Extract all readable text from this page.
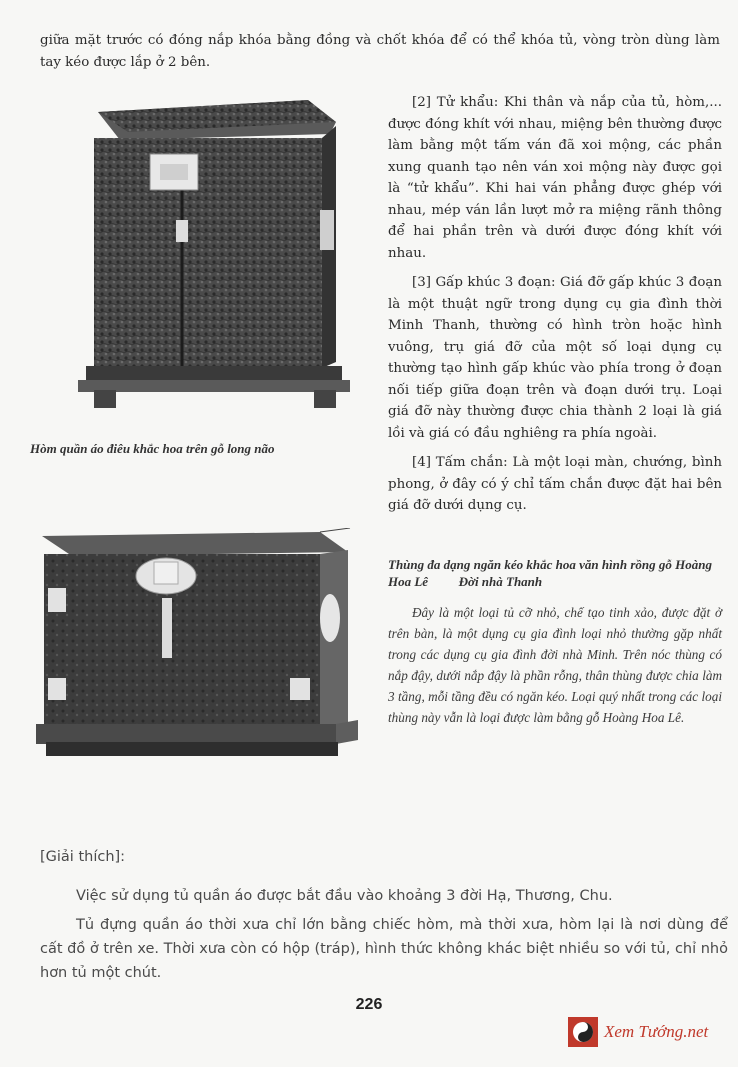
giữa mặt trước có đóng nắp khóa bằng đồng và chốt khóa để có thể khóa tủ, vòng tròn dùng làm tay kéo được lắp ở 2 bên.

Hòm quần áo điêu khắc hoa trên gỗ long não

[2] Tử khẩu: Khi thân và nắp của tủ, hòm,... được đóng khít với nhau, miệng bên thường được làm bằng một tấm ván đã xoi mộng, các phần xung quanh tạo nên ván xoi mộng này được gọi là “tử khẩu”. Khi hai ván phẳng được ghép với nhau, mép ván lần lượt mở ra miệng rãnh thông để hai phần trên và dưới được đóng khít với nhau.

[3] Gấp khúc 3 đoạn: Giá đỡ gấp khúc 3 đoạn là một thuật ngữ trong dụng cụ gia đình thời Minh Thanh, thường có hình tròn hoặc hình vuông, trụ giá đỡ của một số loại dụng cụ thường tạo hình gấp khúc vào phía trong ở đoạn nối tiếp giữa đoạn trên và đoạn dưới trụ. Loại giá đỡ này thường được chia thành 2 loại là giá lồi và giá có đầu nghiêng ra phía ngoài.

[4] Tấm chắn: Là một loại màn, chướng, bình phong, ở đây có ý chỉ tấm chắn được đặt hai bên giá đỡ dưới dụng cụ.

Thùng đa dạng ngăn kéo khắc hoa văn hình rồng gỗ Hoàng Hoa Lê Đời nhà Thanh

Đây là một loại tủ cỡ nhỏ, chế tạo tinh xảo, được đặt ở trên bàn, là một dụng cụ gia đình loại nhỏ thường gặp nhất trong các dụng cụ gia đình đời nhà Minh. Trên nóc thùng có nắp đậy, dưới nắp đậy là phần rỗng, thân thùng được chia làm 3 tầng, mỗi tầng đều có ngăn kéo. Loại quý nhất trong các loại thùng này vẫn là loại được làm bằng gỗ Hoàng Hoa Lê.

[Giải thích]:

Việc sử dụng tủ quần áo được bắt đầu vào khoảng 3 đời Hạ, Thương, Chu.

Tủ đựng quần áo thời xưa chỉ lớn bằng chiếc hòm, mà thời xưa, hòm lại là nơi dùng để cất đồ ở trên xe. Thời xưa còn có hộp (tráp), hình thức không khác biệt nhiều so với tủ, chỉ nhỏ hơn tủ một chút.

226
Xem Tướng.net
